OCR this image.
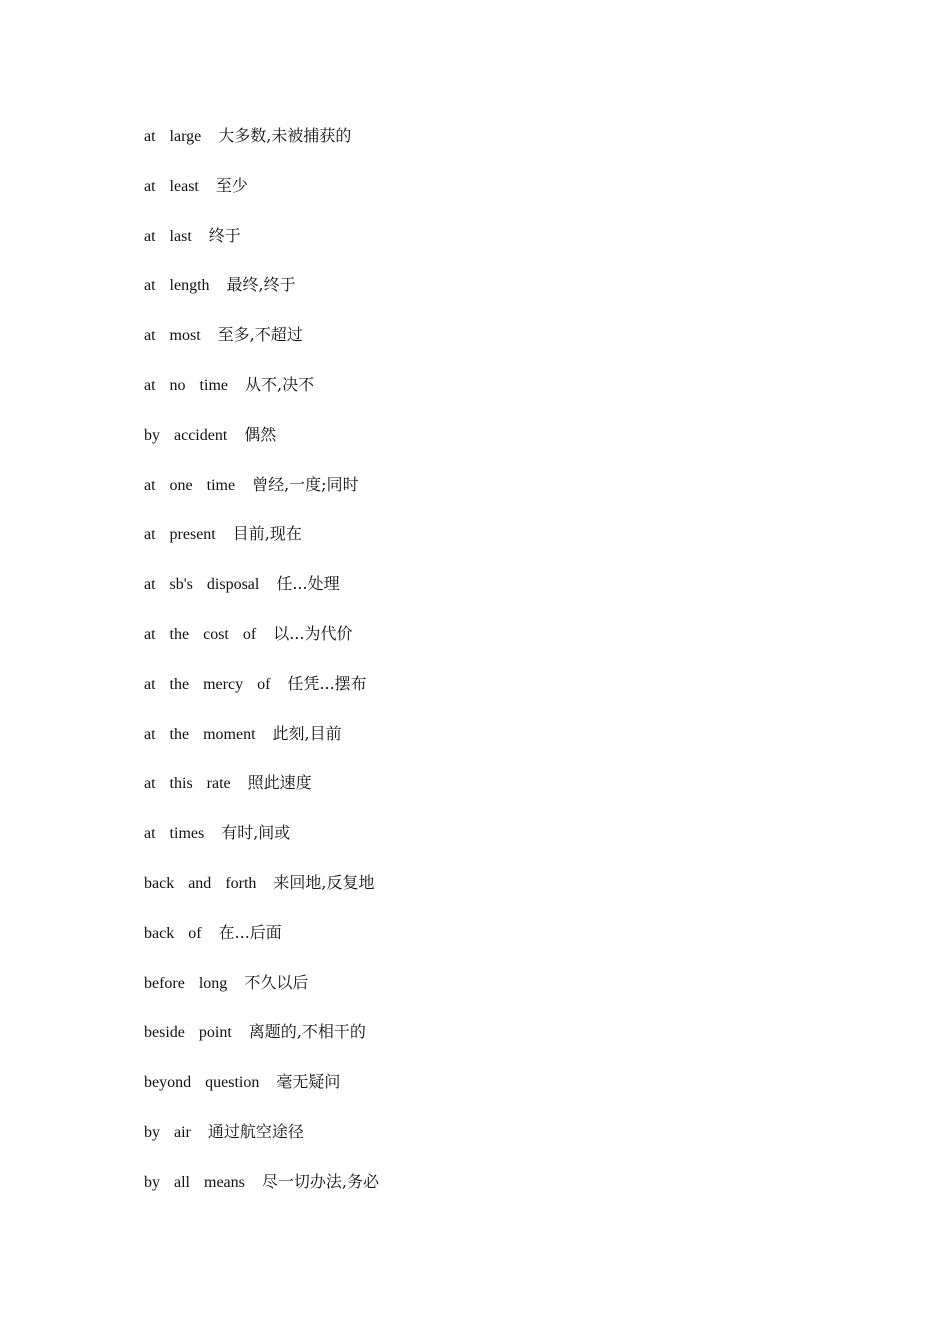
at large 大多数,未被捕获的
at least 至少
at last 终于
at length 最终,终于
at most 至多,不超过
at no time 从不,决不
by accident 偶然
at one time 曾经,一度;同时
at present 目前,现在
at sb's disposal 任...处理
at the cost of 以...为代价
at the mercy of 任凭...摆布
at the moment 此刻,目前
at this rate 照此速度
at times 有时,间或
back and forth 来回地,反复地
back of 在...后面
before long 不久以后
beside point 离题的,不相干的
beyond question 毫无疑问
by air 通过航空途径
by all means 尽一切办法,务必
